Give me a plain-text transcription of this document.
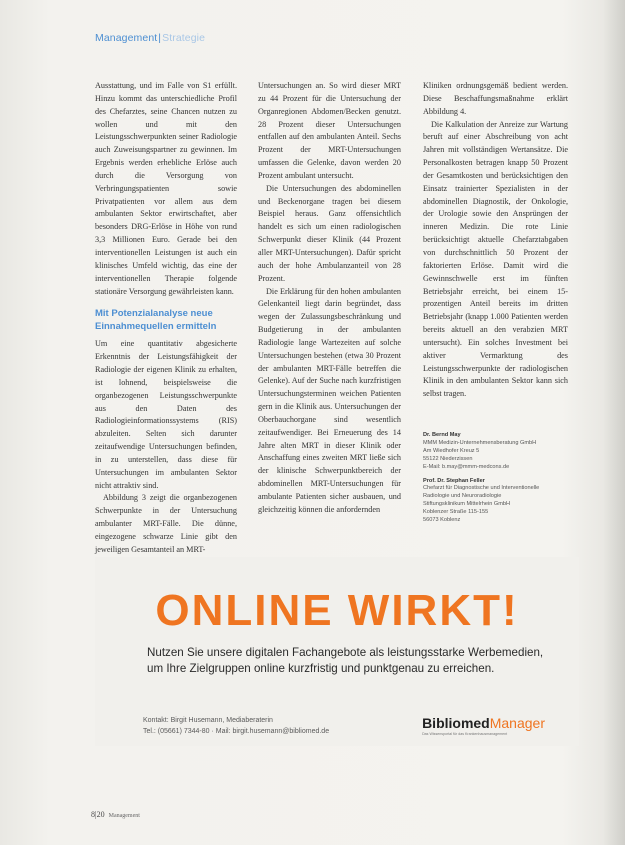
Management|Strategie

Ausstattung, und im Falle von S1 erfüllt. Hinzu kommt das unterschiedliche Profil des Chefarztes, seine Chancen nutzen zu wollen und mit den Leistungsschwerpunkten seiner Radiologie auch Zuweisungspartner zu gewinnen. Im Ergebnis werden erhebliche Erlöse auch durch die Versorgung von Verbringungspatienten sowie Privatpatienten vor allem aus dem ambulanten Sektor erwirtschaftet, aber besonders DRG-Erlöse in Höhe von rund 3,3 Millionen Euro. Gerade bei den interventionellen Leistungen ist auch ein klinisches Umfeld wichtig, das eine der interventionellen Therapie folgende stationäre Versorgung gewährleisten kann.

Mit Potenzialanalyse neue Einnahmequellen ermitteln

Um eine quantitativ abgesicherte Erkenntnis der Leistungsfähigkeit der Radiologie der eigenen Klinik zu erhalten, ist lohnend, beispielsweise die organbezogenen Leistungsschwerpunkte aus den Daten des Radiologieinformationssystems (RIS) abzuleiten. Selten sich darunter zeitaufwendige Untersuchungen befinden, in zu unterstellen, dass diese für Untersuchungen im ambulanten Sektor nicht attraktiv sind.

Abbildung 3 zeigt die organbezogenen Schwerpunkte in der Untersuchung ambulanter MRT-Fälle. Die dünne, eingezogene schwarze Linie gibt den jeweiligen Gesamtanteil an MRT-

Untersuchungen an. So wird dieser MRT zu 44 Prozent für die Untersuchung der Organregionen Abdomen/Becken genutzt. 28 Prozent dieser Untersuchungen entfallen auf den ambulanten Anteil. Sechs Prozent der MRT-Untersuchungen umfassen die Gelenke, davon werden 20 Prozent ambulant untersucht.

Die Untersuchungen des abdominellen und Beckenorgane tragen bei diesem Beispiel heraus. Ganz offensichtlich handelt es sich um einen radiologischen Schwerpunkt dieser Klinik (44 Prozent aller MRT-Untersuchungen). Dafür spricht auch der hohe Ambulanzanteil von 28 Prozent.

Die Erklärung für den hohen ambulanten Gelenkanteil liegt darin begründet, dass wegen der Zulassungsbeschränkung und Budgetierung in der ambulanten Radiologie lange Wartezeiten auf solche Untersuchungen bestehen (etwa 30 Prozent der ambulanten MRT-Fälle betreffen die Gelenke). Auf der Suche nach kurzfristigen Untersuchungsterminen weichen Patienten gern in die Klinik aus. Untersuchungen der Oberbauchorgane sind wesentlich zeitaufwendiger. Bei Erneuerung des 14 Jahre alten MRT in dieser Klinik oder Anschaffung eines zweiten MRT ließe sich der klinische Schwerpunktbereich der abdominellen MRT-Untersuchungen für ambulante Patienten sicher ausbauen, und gleichzeitig können die anfordernden

Kliniken ordnungsgemäß bedient werden. Diese Beschaffungsmaßnahme erklärt Abbildung 4.

Die Kalkulation der Anreize zur Wartung beruft auf einer Abschreibung von acht Jahren mit vollständigen Wertansätze. Die Personalkosten betragen knapp 50 Prozent der Gesamtkosten und berücksichtigen den Einsatz trainierter Spezialisten in der abdominellen Diagnostik, der Onkologie, der Urologie sowie den Ansprüngen der inneren Medizin. Die rote Linie berücksichtigt aktuelle Chefarztabgaben von durchschnittlich 50 Prozent der faktorierten Erlöse. Damit wird die Gewinnschwelle erst im fünften Betriebsjahr erreicht, bei einem 15-prozentigen Anteil bereits im dritten Betriebsjahr (knapp 1.000 Patienten werden bereits aktuell an den verabzien MRT untersucht). Ein solches Investment bei aktiver Vermarktung des Leistungsschwerpunkte der radiologischen Klinik in den ambulanten Sektor kann sich selbst tragen.

Dr. Bernd May
MMM Medizin-Unternehmensberatung GmbH
Am Wiedhofer Kreuz 5
55122 Niederzissen
E-Mail: b.may@mmm-medcons.de
Prof. Dr. Stephan Feller
Chefarzt für Diagnostische und Interventionelle
Radiologie und Neuroradiologie
Stiftungsklinikum Mittelrhein GmbH
Koblenzer Straße 115-155
56073 Koblenz
ONLINE WIRKT!
Nutzen Sie unsere digitalen Fachangebote als leistungsstarke Werbemedien,
um Ihre Zielgruppen online kurzfristig und punktgenau zu erreichen.
Kontakt: Birgit Husemann, Mediaberaterin
Tel.: (05661) 7344-80 · Mail: birgit.husemann@bibliomed.de	BibliomedManager
Das Wissensportal für das Krankenhausmanagement
8|20 Management
